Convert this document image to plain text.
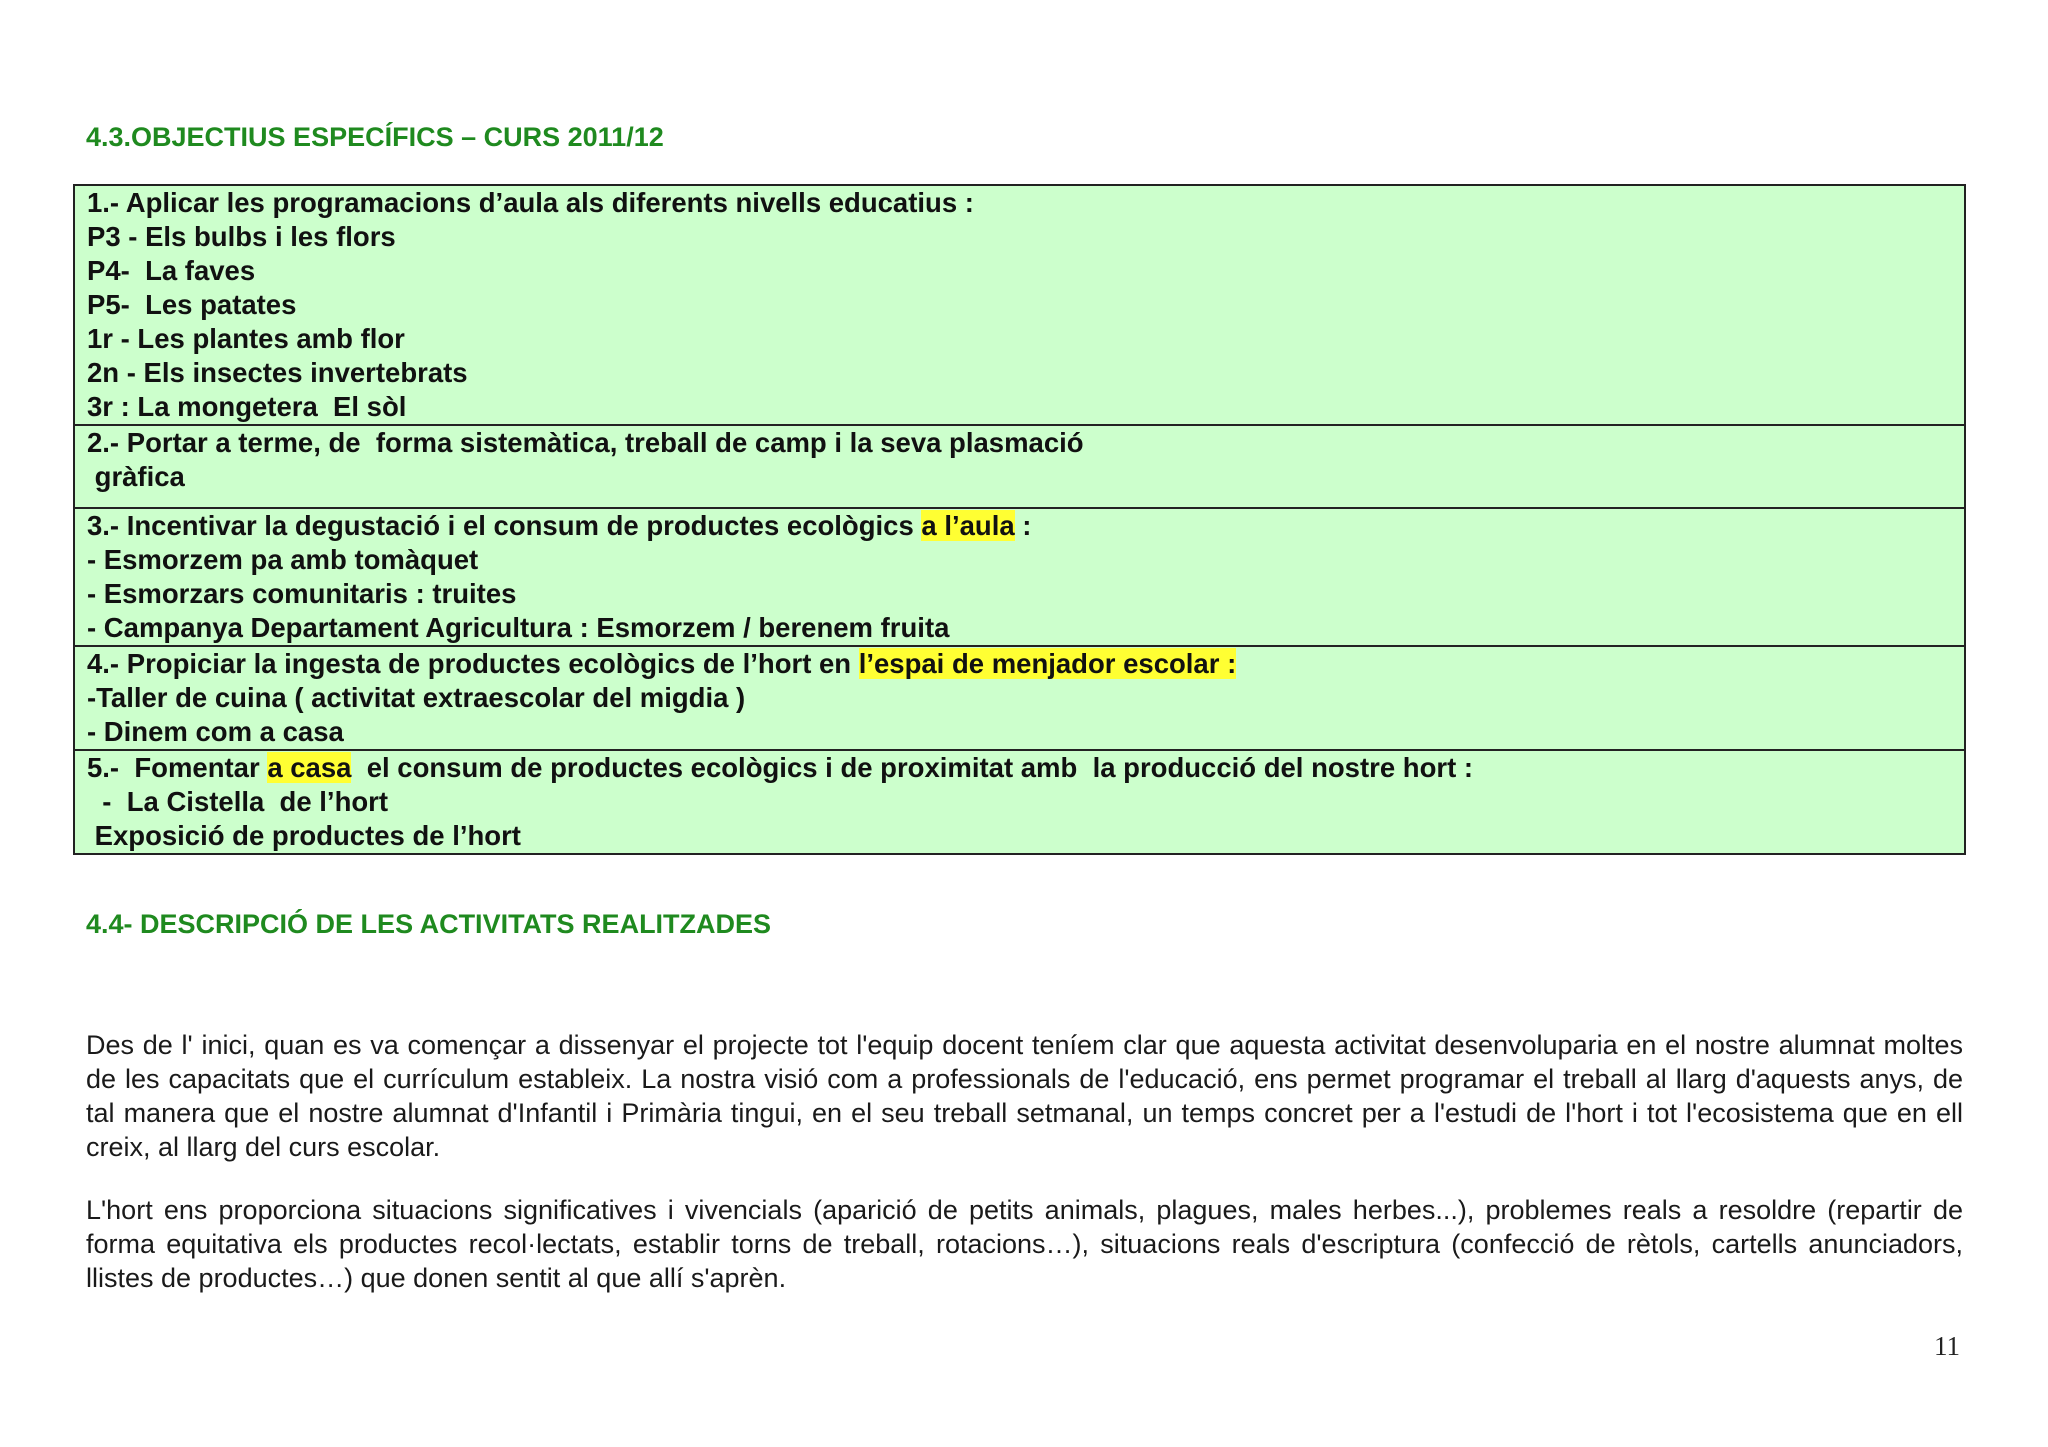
4.3.OBJECTIUS ESPECÍFICS – CURS 2011/12
1.- Aplicar les programacions d’aula als diferents nivells educatius :
P3 - Els bulbs i les flors
P4-  La faves
P5-  Les patates
1r - Les plantes amb flor
2n - Els insectes invertebrats
3r : La mongetera  El sòl

2.- Portar a terme, de  forma sistemàtica, treball de camp i la seva plasmació
gràfica

3.- Incentivar la degustació i el consum de productes ecològics a l’aula :
- Esmorzem pa amb tomàquet
- Esmorzars comunitaris : truites
- Campanya Departament Agricultura : Esmorzem / berenem fruita

4.- Propiciar la ingesta de productes ecològics de l’hort en l’espai de menjador escolar :
-Taller de cuina ( activitat extraescolar del migdia )
- Dinem com a casa

5.-  Fomentar a casa  el consum de productes ecològics i de proximitat amb  la producció del nostre hort :
-  La Cistella  de l’hort
Exposició de productes de l’hort
4.4- DESCRIPCIÓ DE LES ACTIVITATS REALITZADES

Des de l' inici, quan es va començar a dissenyar el projecte tot l'equip docent teníem clar que aquesta activitat desenvoluparia en el nostre alumnat moltes de les capacitats que el currículum estableix. La nostra visió com a professionals de l'educació, ens permet programar el treball al llarg d'aquests anys, de tal manera que el nostre alumnat d'Infantil i Primària tingui, en el seu treball setmanal, un temps concret per a l'estudi de l'hort i tot l'ecosistema que en ell creix, al llarg del curs escolar.

L'hort ens proporciona situacions significatives i vivencials (aparició de petits animals, plagues, males herbes...), problemes reals a resoldre (repartir de forma equitativa els productes recol·lectats, establir torns de treball, rotacions…), situacions reals d'escriptura (confecció de rètols, cartells anunciadors, llistes de productes…) que donen sentit al que allí s'aprèn.

11
